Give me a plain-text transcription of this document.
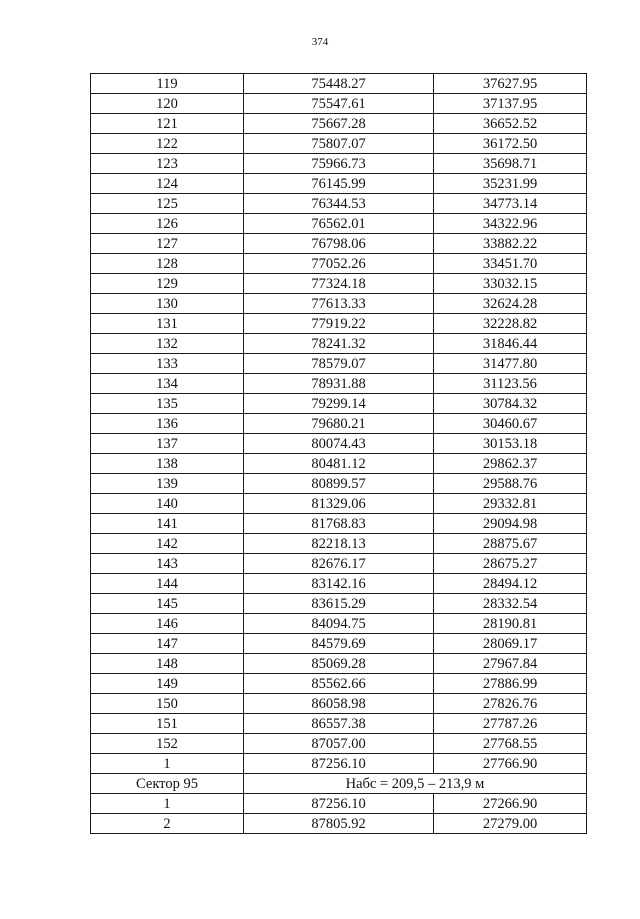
374
119	75448.27	37627.95
120	75547.61	37137.95
121	75667.28	36652.52
122	75807.07	36172.50
123	75966.73	35698.71
124	76145.99	35231.99
125	76344.53	34773.14
126	76562.01	34322.96
127	76798.06	33882.22
128	77052.26	33451.70
129	77324.18	33032.15
130	77613.33	32624.28
131	77919.22	32228.82
132	78241.32	31846.44
133	78579.07	31477.80
134	78931.88	31123.56
135	79299.14	30784.32
136	79680.21	30460.67
137	80074.43	30153.18
138	80481.12	29862.37
139	80899.57	29588.76
140	81329.06	29332.81
141	81768.83	29094.98
142	82218.13	28875.67
143	82676.17	28675.27
144	83142.16	28494.12
145	83615.29	28332.54
146	84094.75	28190.81
147	84579.69	28069.17
148	85069.28	27967.84
149	85562.66	27886.99
150	86058.98	27826.76
151	86557.38	27787.26
152	87057.00	27768.55
1	87256.10	27766.90
Сектор 95	Набс = 209,5 – 213,9 м	
1	87256.10	27266.90
2	87805.92	27279.00
